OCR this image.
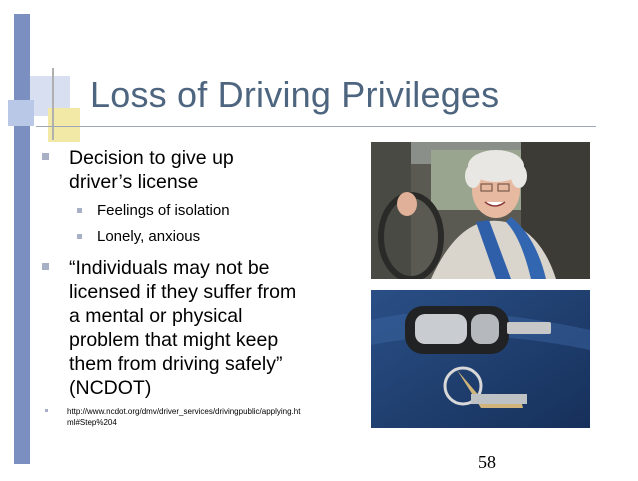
Loss of Driving Privileges

Decision to give up

driver’s license

Feelings of isolation

Lonely, anxious

“Individuals may not be

licensed if they suffer from

a mental or physical

problem that might keep

them from driving safely”

(NCDOT)

http://www.ncdot.org/dmv/driver_services/drivingpublic/applying.ht

ml#Step%204

58
